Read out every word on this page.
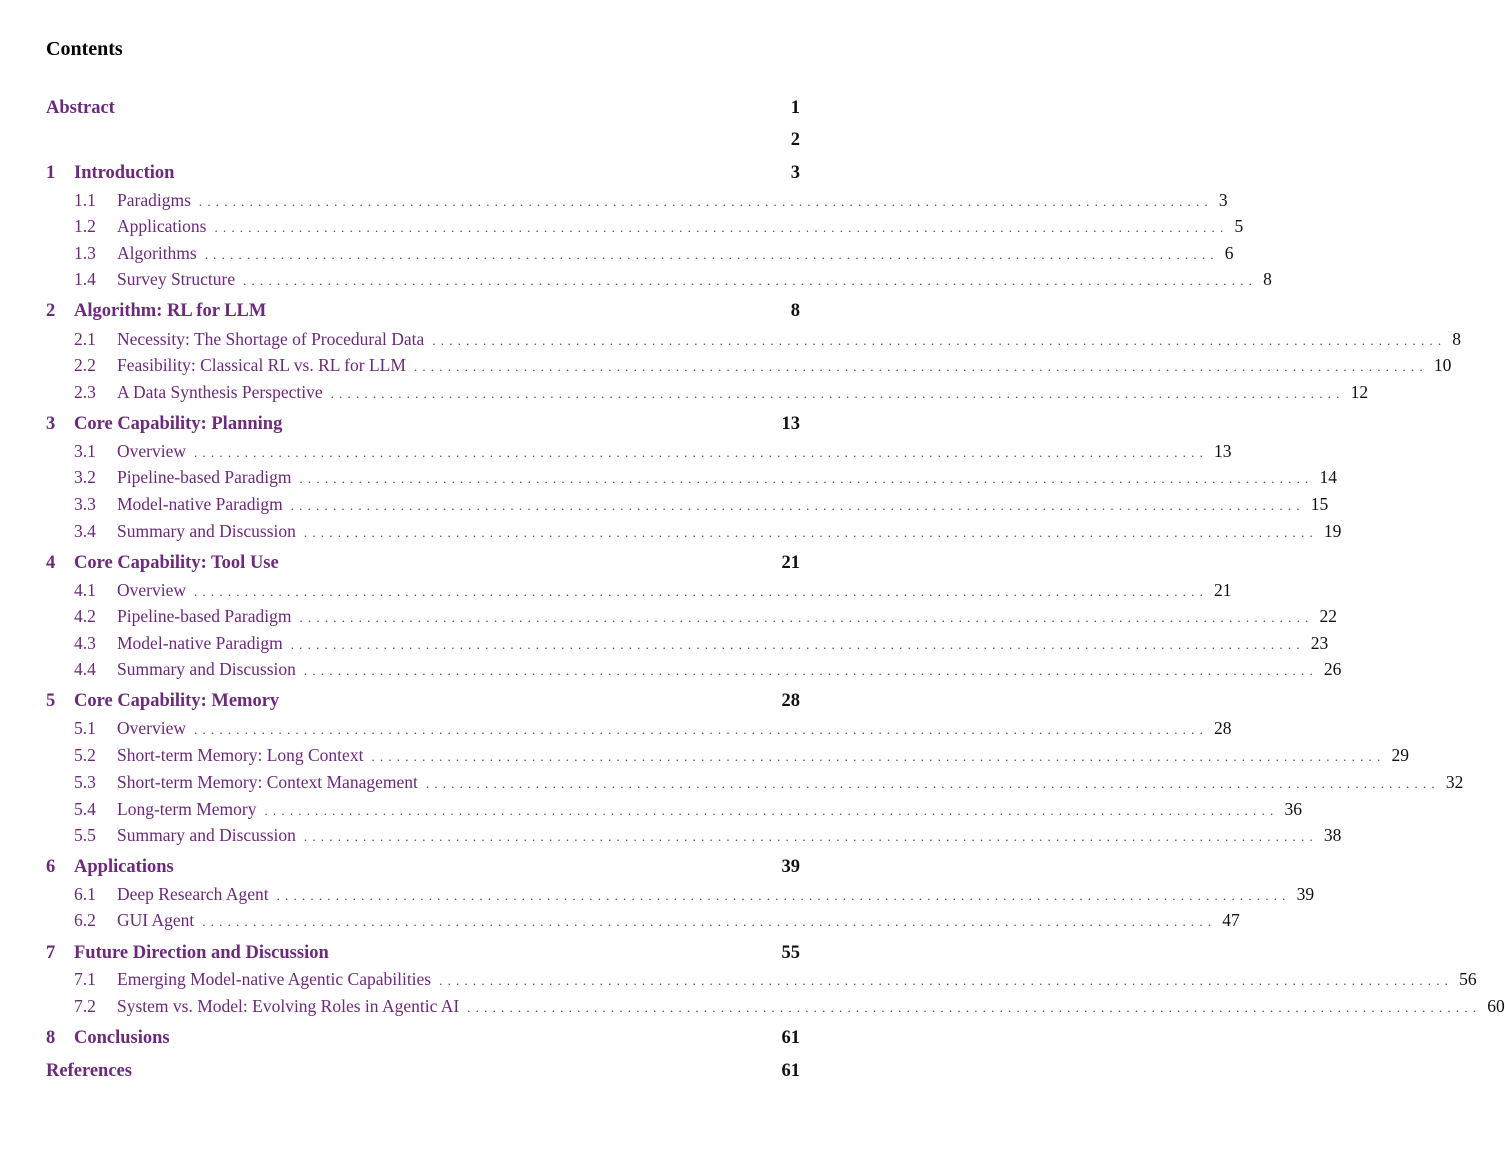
Contents
Abstract	1
2
1	Introduction	3
1.1	Paradigms ........................................................................................................................ 3
1.2	Applications ........................................................................................................................ 5
1.3	Algorithms ........................................................................................................................ 6
1.4	Survey Structure ........................................................................................................................ 8
2	Algorithm: RL for LLM	8
2.1	Necessity: The Shortage of Procedural Data ........................................................................................................................ 8
2.2	Feasibility: Classical RL vs. RL for LLM ........................................................................................................................ 10
2.3	A Data Synthesis Perspective ........................................................................................................................ 12
3	Core Capability: Planning	13
3.1	Overview ........................................................................................................................ 13
3.2	Pipeline-based Paradigm ........................................................................................................................ 14
3.3	Model-native Paradigm ........................................................................................................................ 15
3.4	Summary and Discussion ........................................................................................................................ 19
4	Core Capability: Tool Use	21
4.1	Overview ........................................................................................................................ 21
4.2	Pipeline-based Paradigm ........................................................................................................................ 22
4.3	Model-native Paradigm ........................................................................................................................ 23
4.4	Summary and Discussion ........................................................................................................................ 26
5	Core Capability: Memory	28
5.1	Overview ........................................................................................................................ 28
5.2	Short-term Memory: Long Context ........................................................................................................................ 29
5.3	Short-term Memory: Context Management ........................................................................................................................ 32
5.4	Long-term Memory ........................................................................................................................ 36
5.5	Summary and Discussion ........................................................................................................................ 38
6	Applications	39
6.1	Deep Research Agent ........................................................................................................................ 39
6.2	GUI Agent ........................................................................................................................ 47
7	Future Direction and Discussion	55
7.1	Emerging Model-native Agentic Capabilities ........................................................................................................................ 56
7.2	System vs. Model: Evolving Roles in Agentic AI ........................................................................................................................ 60
8	Conclusions	61
References	61
